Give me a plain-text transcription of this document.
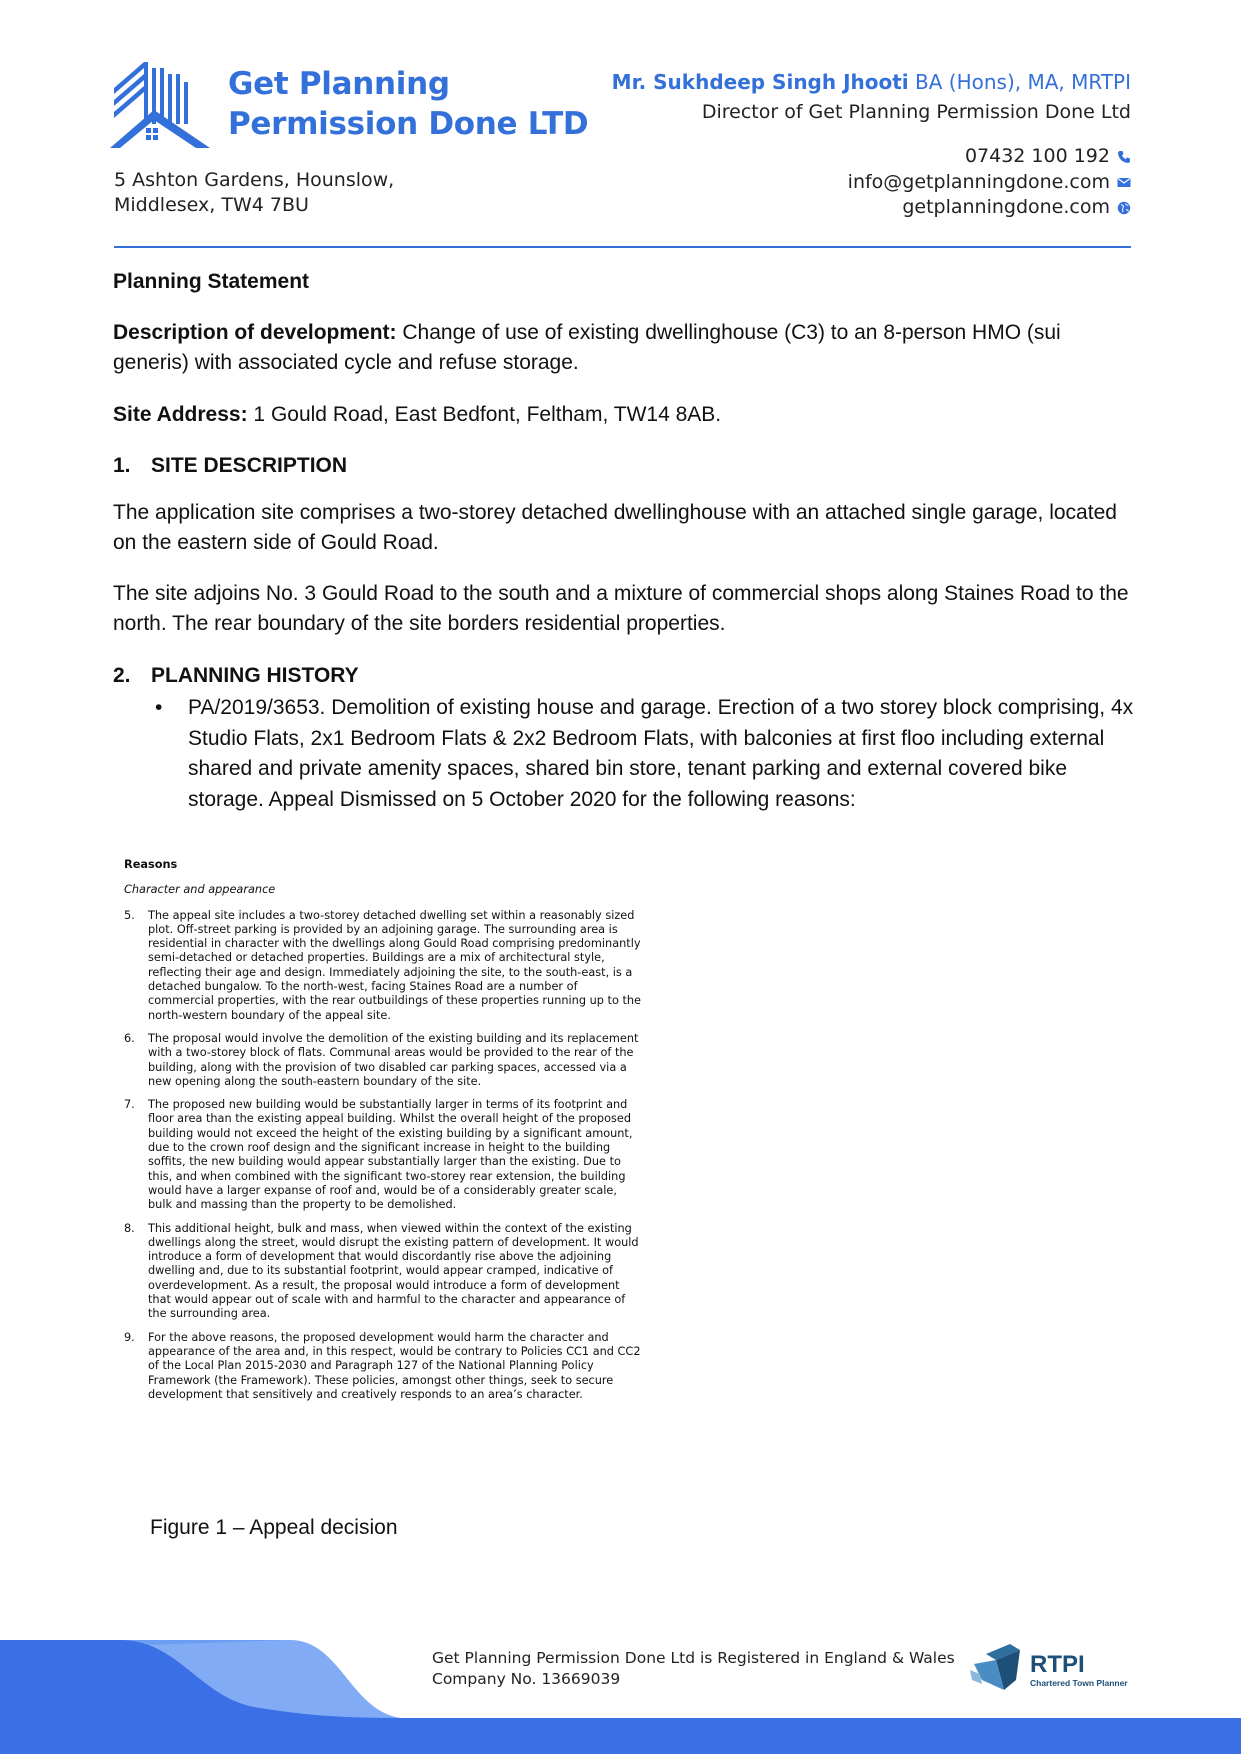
Get Planning
Permission Done LTD
5 Ashton Gardens, Hounslow,
Middlesex, TW4 7BU
Mr. Sukhdeep Singh Jhooti BA (Hons), MA, MRTPI
Director of Get Planning Permission Done Ltd
07432 100 192
info@getplanningdone.com
getplanningdone.com
Planning Statement

Description of development: Change of use of existing dwellinghouse (C3) to an 8-person HMO (sui generis) with associated cycle and refuse storage.

Site Address: 1 Gould Road, East Bedfont, Feltham, TW14 8AB.

1. SITE DESCRIPTION

The application site comprises a two-storey detached dwellinghouse with an attached single garage, located on the eastern side of Gould Road.

The site adjoins No. 3 Gould Road to the south and a mixture of commercial shops along Staines Road to the north. The rear boundary of the site borders residential properties.

2. PLANNING HISTORY
• PA/2019/3653. Demolition of existing house and garage. Erection of a two storey block comprising, 4x Studio Flats, 2x1 Bedroom Flats & 2x2 Bedroom Flats, with balconies at first floo including external shared and private amenity spaces, shared bin store, tenant parking and external covered bike storage. Appeal Dismissed on 5 October 2020 for the following reasons:

Reasons
Character and appearance
5.	The appeal site includes a two-storey detached dwelling set within a reasonably sized plot. Off-street parking is provided by an adjoining garage. The surrounding area is residential in character with the dwellings along Gould Road comprising predominantly semi-detached or detached properties. Buildings are a mix of architectural style, reflecting their age and design. Immediately adjoining the site, to the south-east, is a detached bungalow. To the north-west, facing Staines Road are a number of commercial properties, with the rear outbuildings of these properties running up to the north-western boundary of the appeal site.
6.	The proposal would involve the demolition of the existing building and its replacement with a two-storey block of flats. Communal areas would be provided to the rear of the building, along with the provision of two disabled car parking spaces, accessed via a new opening along the south-eastern boundary of the site.
7.	The proposed new building would be substantially larger in terms of its footprint and floor area than the existing appeal building. Whilst the overall height of the proposed building would not exceed the height of the existing building by a significant amount, due to the crown roof design and the significant increase in height to the building soffits, the new building would appear substantially larger than the existing. Due to this, and when combined with the significant two-storey rear extension, the building would have a larger expanse of roof and, would be of a considerably greater scale, bulk and massing than the property to be demolished.
8.	This additional height, bulk and mass, when viewed within the context of the existing dwellings along the street, would disrupt the existing pattern of development. It would introduce a form of development that would discordantly rise above the adjoining dwelling and, due to its substantial footprint, would appear cramped, indicative of overdevelopment. As a result, the proposal would introduce a form of development that would appear out of scale with and harmful to the character and appearance of the surrounding area.
9.	For the above reasons, the proposed development would harm the character and appearance of the area and, in this respect, would be contrary to Policies CC1 and CC2 of the Local Plan 2015-2030 and Paragraph 127 of the National Planning Policy Framework (the Framework). These policies, amongst other things, seek to secure development that sensitively and creatively responds to an area’s character.
Figure 1 – Appeal decision
Get Planning Permission Done Ltd is Registered in England & Wales
Company No. 13669039
RTPI
Chartered Town Planner
